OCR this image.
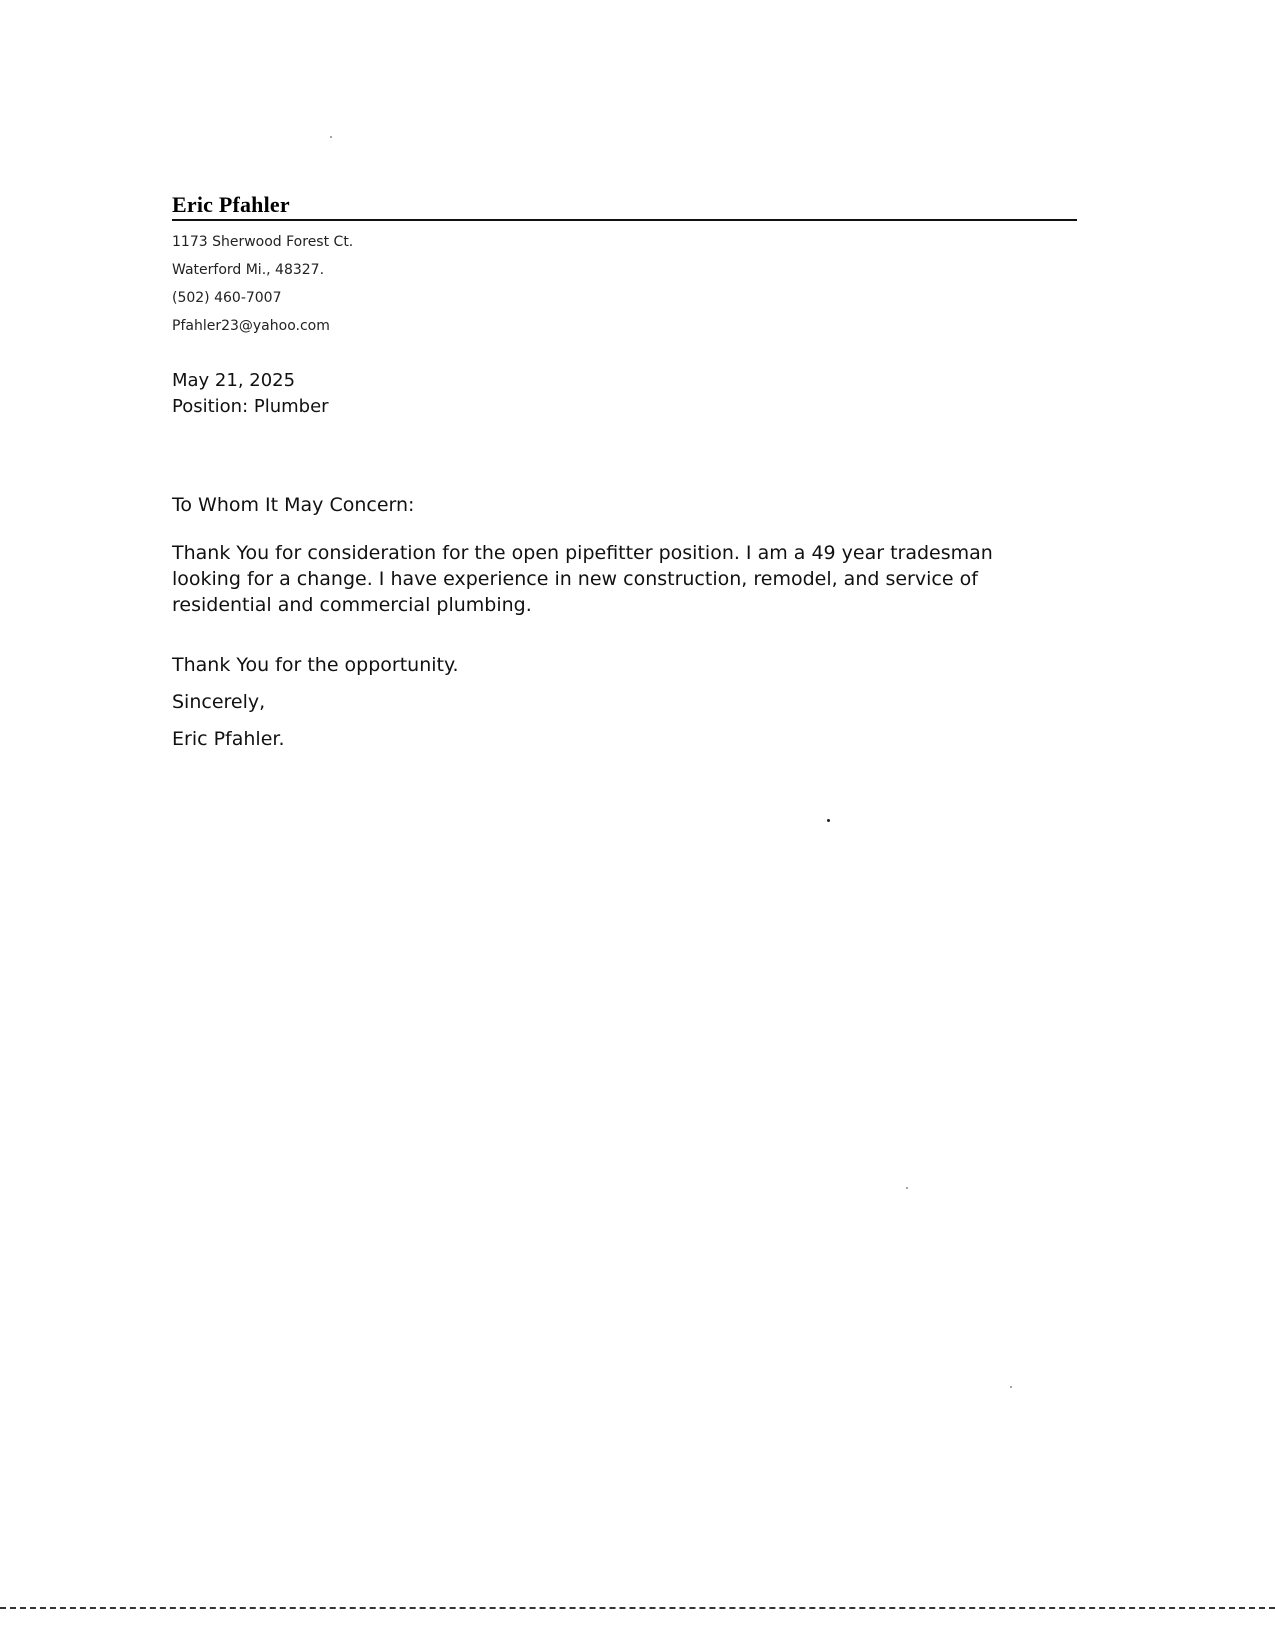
Eric Pfahler
1173 Sherwood Forest Ct.
Waterford Mi., 48327.
(502) 460-7007
Pfahler23@yahoo.com
May 21, 2025
Position: Plumber
To Whom It May Concern:
Thank You for consideration for the open pipefitter position. I am a 49 year tradesman
looking for a change. I have experience in new construction, remodel, and service of
residential and commercial plumbing.
Thank You for the opportunity.
Sincerely,
Eric Pfahler.
